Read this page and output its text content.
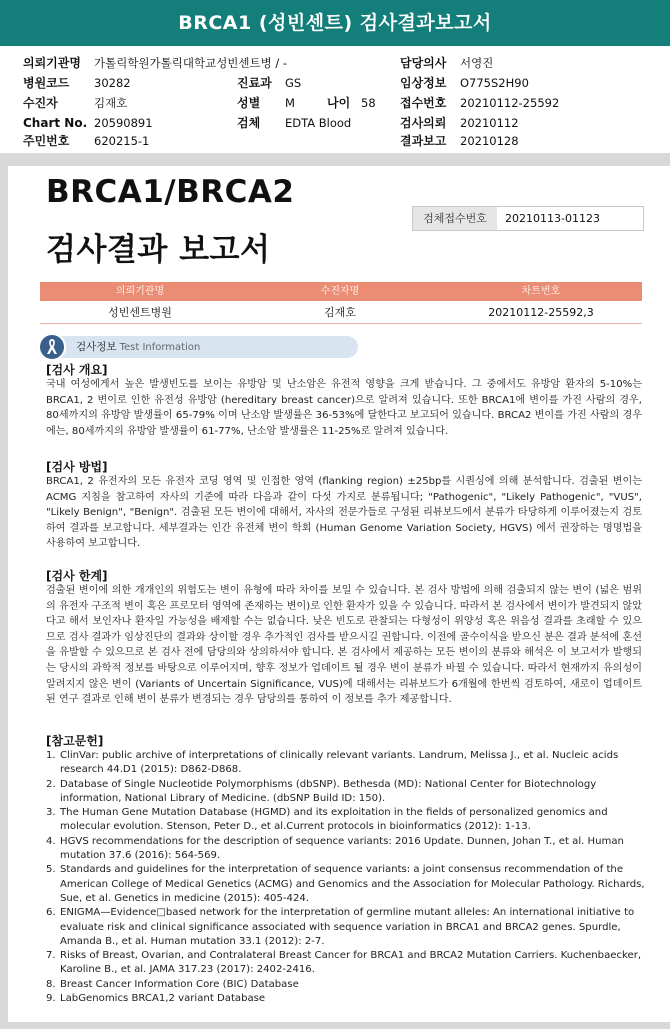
BRCA1 (성빈센트) 검사결과보고서
의뢰기관명 가톨릭학원가톨릭대학교성빈센트병 / -	담당의사 서영진
병원코드 30282	진료과 GS	임상정보 O775S2H90
수진자	김재호	성별 M	나이 58 접수번호 20210112-25592
Chart No. 20590891	검체 EDTA Blood	검사의뢰 20210112
주민번호 620215-1	결과보고 20210128
BRCA1/BRCA2
검사결과 보고서
검체접수번호	20210113-01123
의뢰기관명	수진자명	차트번호
성빈센트병원	김재호	20210112-25592,3
검사정보 Test Information
[검사 개요]

국내 여성에게서 높은 발생빈도를 보이는 유방암 및 난소암은 유전적 영향을 크게 받습니다. 그 중에서도 유방암 환자의 5-10%는 BRCA1, 2 변이로 인한 유전성 유방암 (hereditary breast cancer)으로 알려져 있습니다. 또한 BRCA1에 변이를 가진 사람의 경우, 80세까지의 유방암 발생률이 65-79% 이며 난소암 발생률은 36-53%에 달한다고 보고되어 있습니다. BRCA2 변이를 가진 사람의 경우에는, 80세까지의 유방암 발생률이 61-77%, 난소암 발생률은 11-25%로 알려져 있습니다.

[검사 방법]

BRCA1, 2 유전자의 모든 유전자 코딩 영역 및 인접한 영역 (flanking region) ±25bp를 시퀀싱에 의해 분석합니다. 검출된 변이는 ACMG 지침을 참고하여 자사의 기준에 따라 다음과 같이 다섯 가지로 분류됩니다; "Pathogenic", "Likely Pathogenic", "VUS", "Likely Benign", "Benign". 검출된 모든 변이에 대해서, 자사의 전문가들로 구성된 리뷰보드에서 분류가 타당하게 이루어졌는지 검토하여 결과를 보고합니다. 세부결과는 인간 유전체 변이 학회 (Human Genome Variation Society, HGVS) 에서 권장하는 명명법을 사용하여 보고합니다.

[검사 한계]

검출된 변이에 의한 개개인의 위험도는 변이 유형에 따라 차이를 보일 수 있습니다. 본 검사 방법에 의해 검출되지 않는 변이 (넓은 범위의 유전자 구조적 변이 혹은 프로모터 영역에 존재하는 변이)로 인한 환자가 있을 수 있습니다. 따라서 본 검사에서 변이가 발견되지 않았다고 해서 보인자나 환자일 가능성을 배제할 수는 없습니다. 낮은 빈도로 관찰되는 다형성이 위양성 혹은 위음성 결과를 초래할 수 있으므로 검사 결과가 임상진단의 결과와 상이할 경우 추가적인 검사를 받으시길 권합니다. 이전에 골수이식을 받으신 분은 결과 분석에 혼선을 유발할 수 있으므로 본 검사 전에 담당의와 상의하셔야 합니다. 본 검사에서 제공하는 모든 변이의 분류와 해석은 이 보고서가 발행되는 당시의 과학적 정보를 바탕으로 이루어지며, 향후 정보가 업데이트 될 경우 변이 분류가 바뀔 수 있습니다. 따라서 현재까지 유의성이 알려지지 않은 변이 (Variants of Uncertain Significance, VUS)에 대해서는 리뷰보드가 6개월에 한번씩 검토하여, 새로이 업데이트된 연구 결과로 인해 변이 분류가 변경되는 경우 담당의를 통하여 이 정보를 추가 제공합니다.

[참고문헌]
1. ClinVar: public archive of interpretations of clinically relevant variants. Landrum, Melissa J., et al. Nucleic acids research 44.D1 (2015): D862-D868.
2. Database of Single Nucleotide Polymorphisms (dbSNP). Bethesda (MD): National Center for Biotechnology information, National Library of Medicine. (dbSNP Build ID: 150).
3. The Human Gene Mutation Database (HGMD) and its exploitation in the fields of personalized genomics and molecular evolution. Stenson, Peter D., et al.Current protocols in bioinformatics (2012): 1-13.
4. HGVS recommendations for the description of sequence variants: 2016 Update. Dunnen, Johan T., et al. Human mutation 37.6 (2016): 564-569.
5. Standards and guidelines for the interpretation of sequence variants: a joint consensus recommendation of the American College of Medical Genetics (ACMG) and Genomics and the Association for Molecular Pathology. Richards, Sue, et al. Genetics in medicine (2015): 405-424.
6. ENIGMA—Evidence□based network for the interpretation of germline mutant alleles: An international initiative to evaluate risk and clinical significance associated with sequence variation in BRCA1 and BRCA2 genes. Spurdle, Amanda B., et al. Human mutation 33.1 (2012): 2-7.
7. Risks of Breast, Ovarian, and Contralateral Breast Cancer for BRCA1 and BRCA2 Mutation Carriers. Kuchenbaecker, Karoline B., et al. JAMA 317.23 (2017): 2402-2416.
8. Breast Cancer Information Core (BIC) Database
9. LabGenomics BRCA1,2 variant Database
